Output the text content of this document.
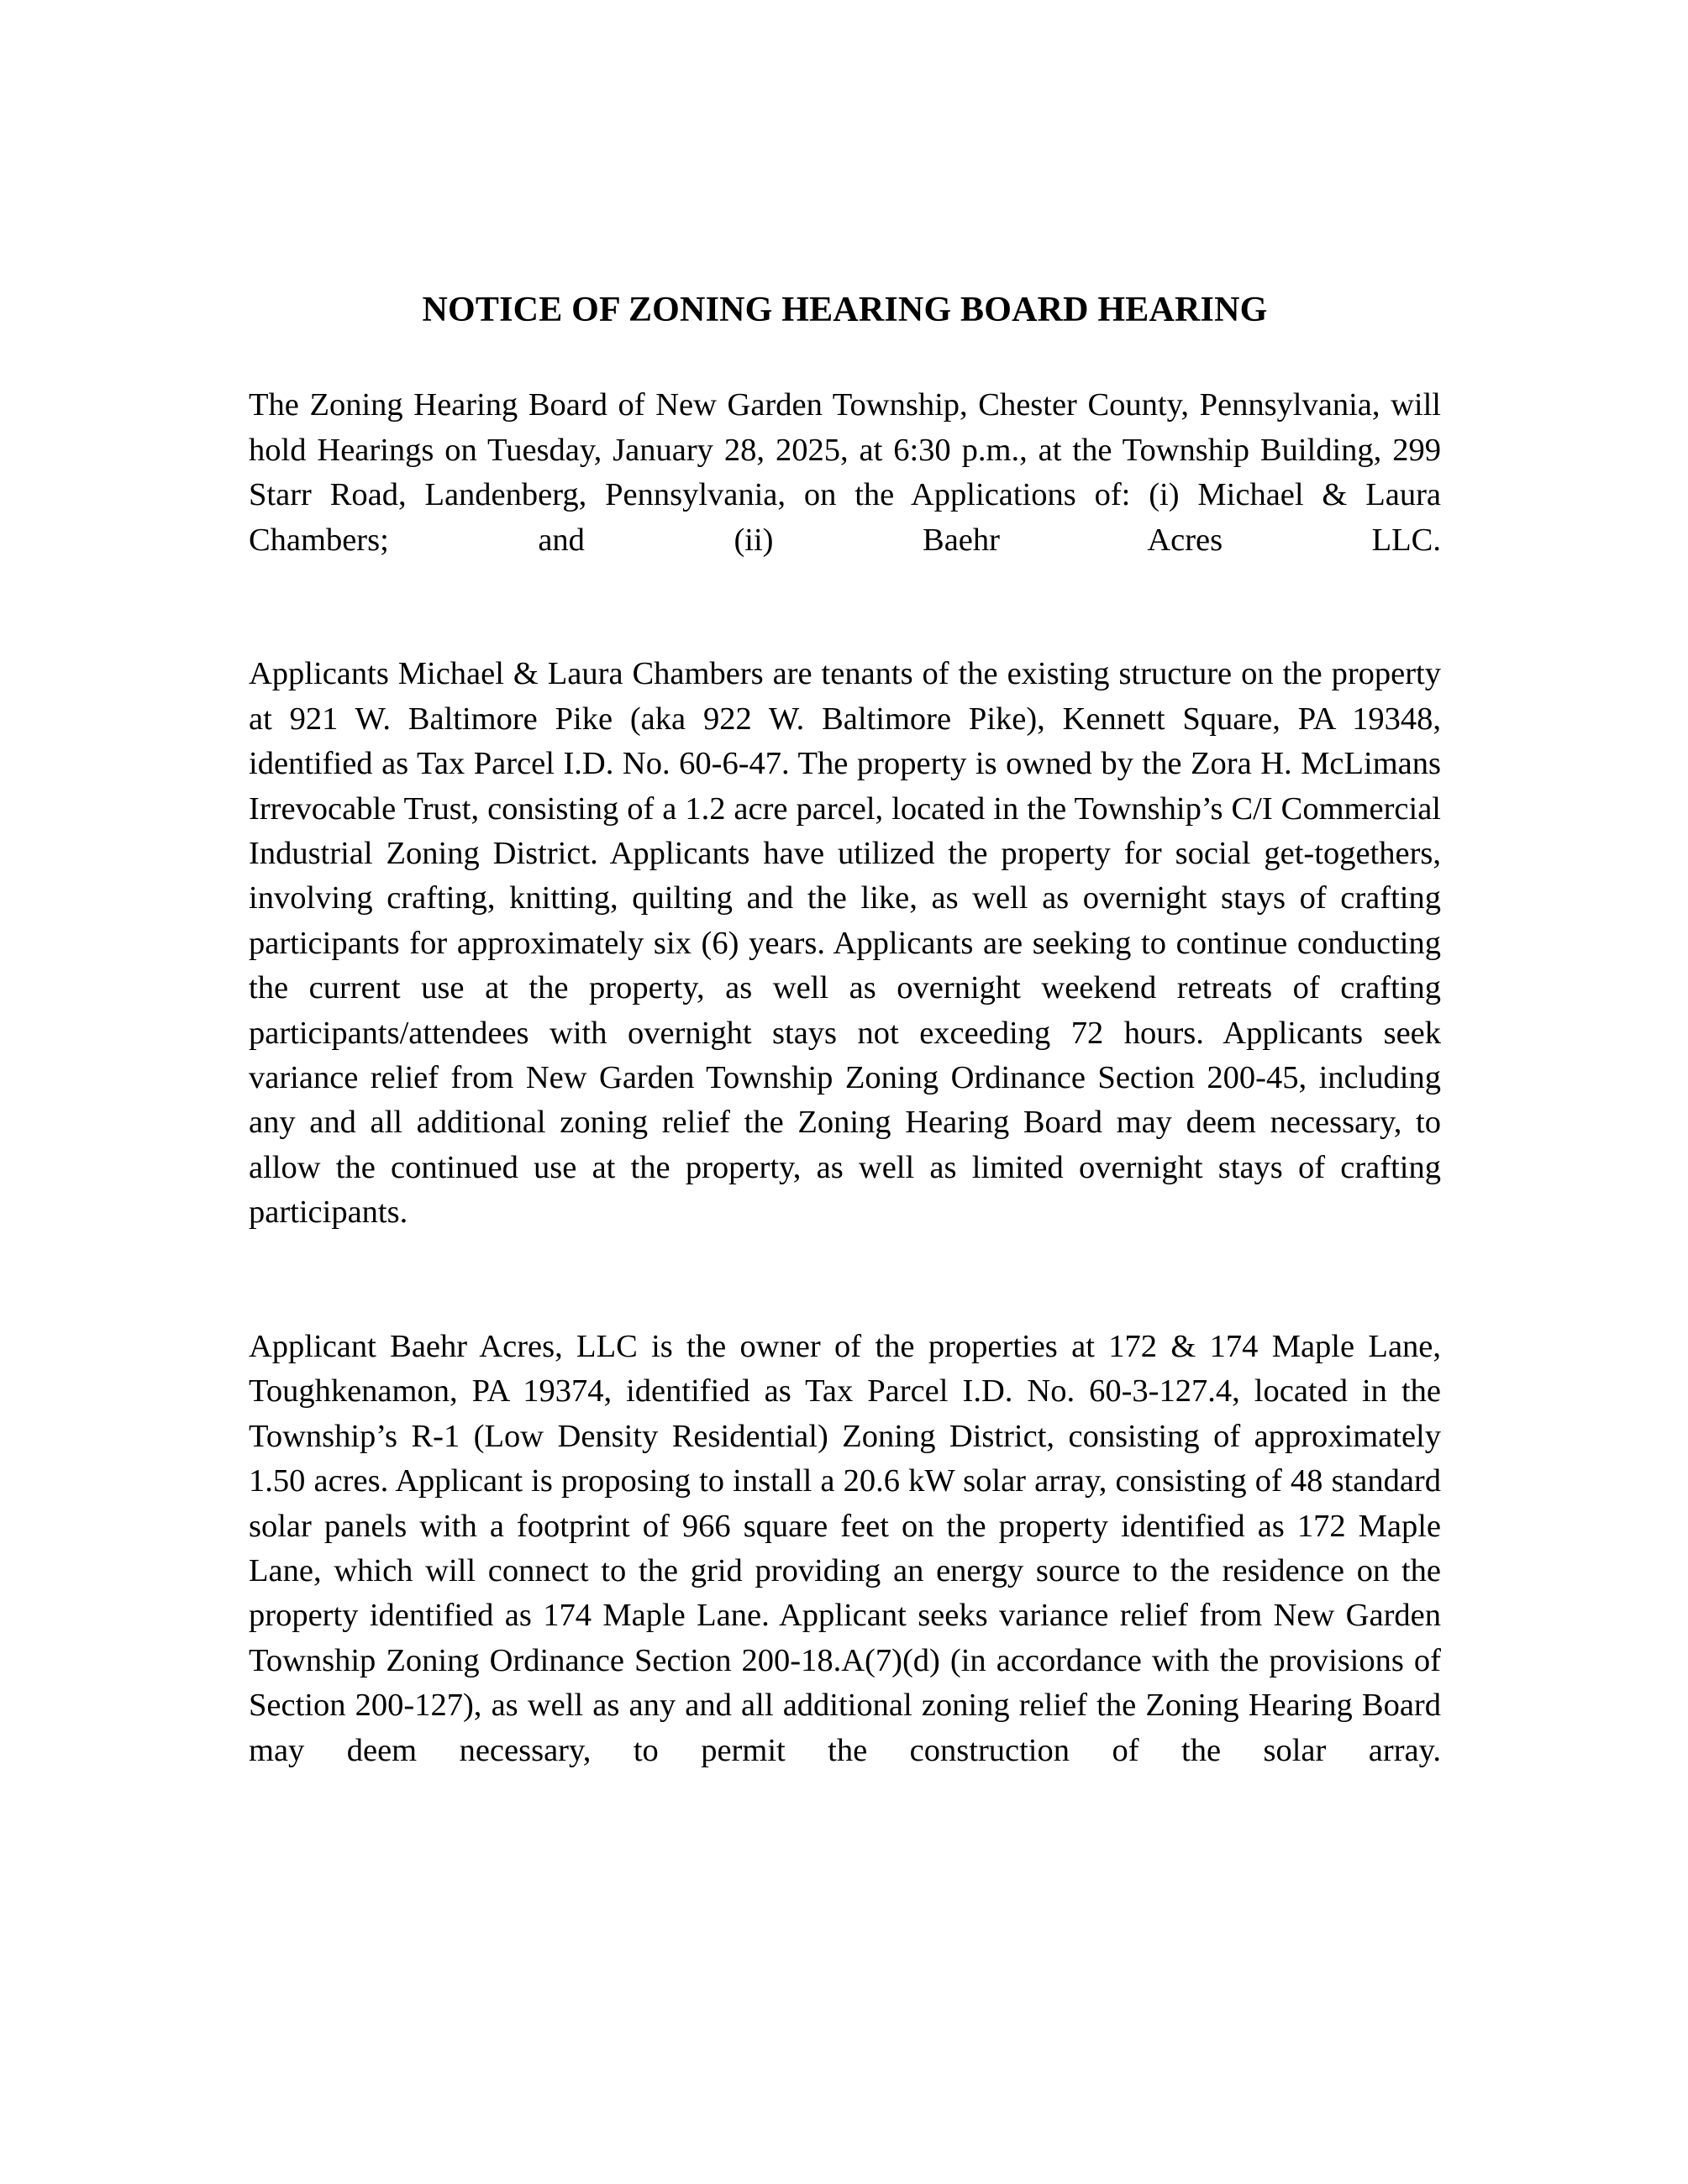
NOTICE OF ZONING HEARING BOARD HEARING

The Zoning Hearing Board of New Garden Township, Chester County, Pennsylvania, will hold Hearings on Tuesday, January 28, 2025, at 6:30 p.m., at the Township Building, 299 Starr Road, Landenberg, Pennsylvania, on the Applications of: (i) Michael & Laura Chambers; and (ii) Baehr Acres LLC.

Applicants Michael & Laura Chambers are tenants of the existing structure on the property at 921 W. Baltimore Pike (aka 922 W. Baltimore Pike), Kennett Square, PA 19348, identified as Tax Parcel I.D. No. 60-6-47. The property is owned by the Zora H. McLimans Irrevocable Trust, consisting of a 1.2 acre parcel, located in the Township’s C/I Commercial Industrial Zoning District. Applicants have utilized the property for social get-togethers, involving crafting, knitting, quilting and the like, as well as overnight stays of crafting participants for approximately six (6) years. Applicants are seeking to continue conducting the current use at the property, as well as overnight weekend retreats of crafting participants/attendees with overnight stays not exceeding 72 hours. Applicants seek variance relief from New Garden Township Zoning Ordinance Section 200-45, including any and all additional zoning relief the Zoning Hearing Board may deem necessary, to allow the continued use at the property, as well as limited overnight stays of crafting participants.

Applicant Baehr Acres, LLC is the owner of the properties at 172 & 174 Maple Lane, Toughkenamon, PA 19374, identified as Tax Parcel I.D. No. 60-3-127.4, located in the Township’s R-1 (Low Density Residential) Zoning District, consisting of approximately 1.50 acres. Applicant is proposing to install a 20.6 kW solar array, consisting of 48 standard solar panels with a footprint of 966 square feet on the property identified as 172 Maple Lane, which will connect to the grid providing an energy source to the residence on the property identified as 174 Maple Lane. Applicant seeks variance relief from New Garden Township Zoning Ordinance Section 200-18.A(7)(d) (in accordance with the provisions of Section 200-127), as well as any and all additional zoning relief the Zoning Hearing Board may deem necessary, to permit the construction of the solar array.
